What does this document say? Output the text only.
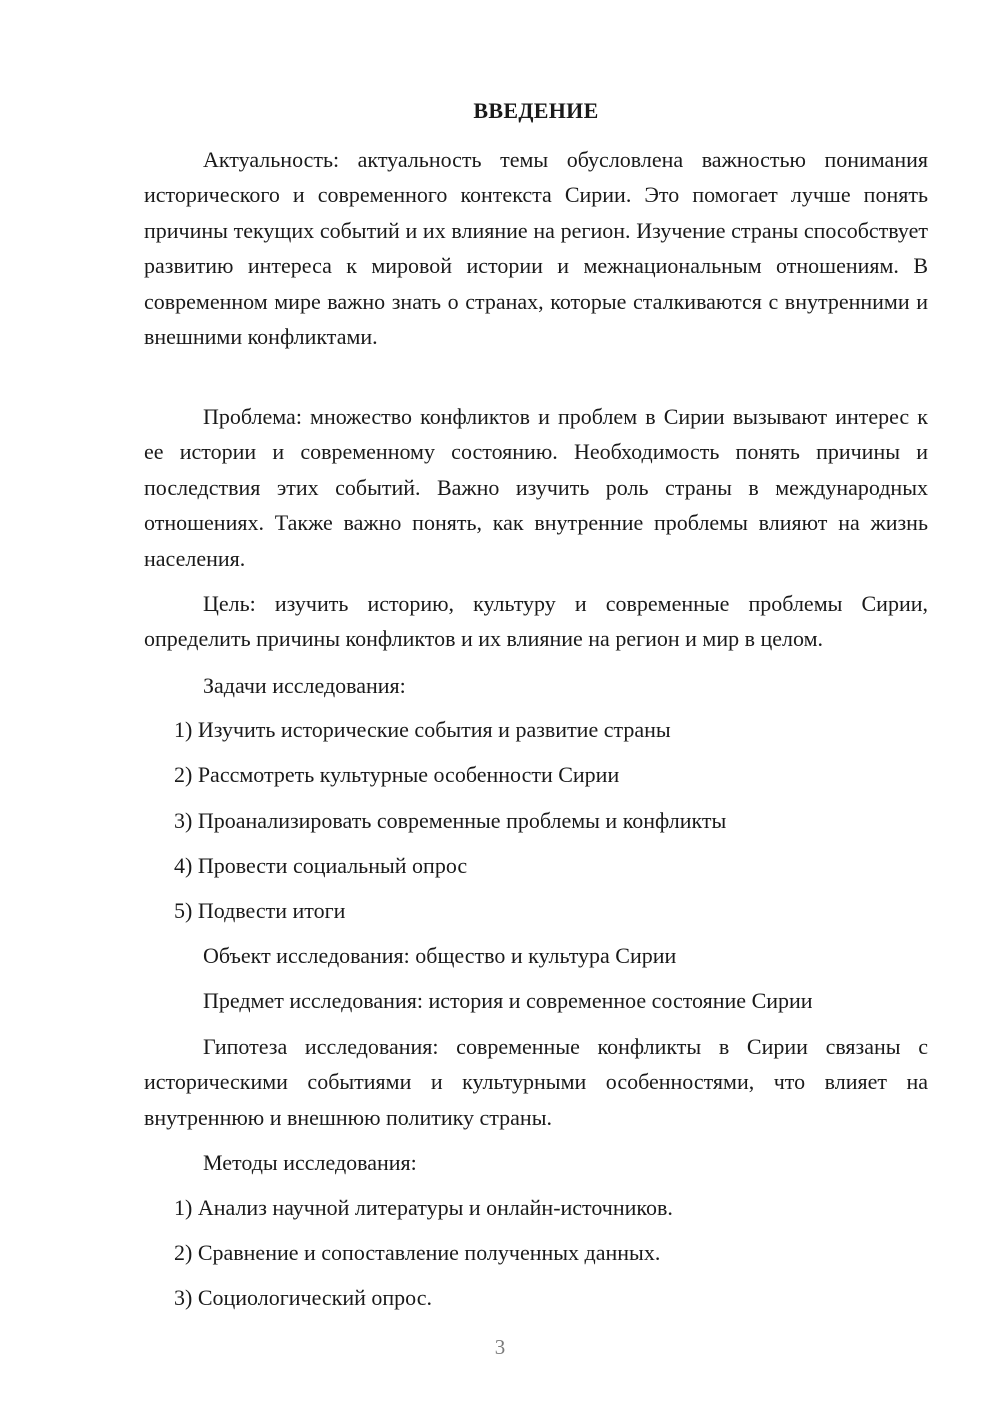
ВВЕДЕНИЕ

Актуальность: актуальность темы обусловлена важностью понимания исторического и современного контекста Сирии. Это помогает лучше понять причины текущих событий и их влияние на регион. Изучение страны способствует развитию интереса к мировой истории и межнациональным отношениям. В современном мире важно знать о странах, которые сталкиваются с внутренними и внешними конфликтами.

Проблема: множество конфликтов и проблем в Сирии вызывают интерес к ее истории и современному состоянию. Необходимость понять причины и последствия этих событий. Важно изучить роль страны в международных отношениях. Также важно понять, как внутренние проблемы влияют на жизнь населения.

Цель: изучить историю, культуру и современные проблемы Сирии, определить причины конфликтов и их влияние на регион и мир в целом.

Задачи исследования:
1) Изучить исторические события и развитие страны
2) Рассмотреть культурные особенности Сирии
3) Проанализировать современные проблемы и конфликты
4) Провести социальный опрос
5) Подвести итоги
Объект исследования: общество и культура Сирии
Предмет исследования: история и современное состояние Сирии

Гипотеза исследования: современные конфликты в Сирии связаны с историческими событиями и культурными особенностями, что влияет на внутреннюю и внешнюю политику страны.

Методы исследования:
1) Анализ научной литературы и онлайн-источников.
2) Сравнение и сопоставление полученных данных.
3) Социологический опрос.
3
